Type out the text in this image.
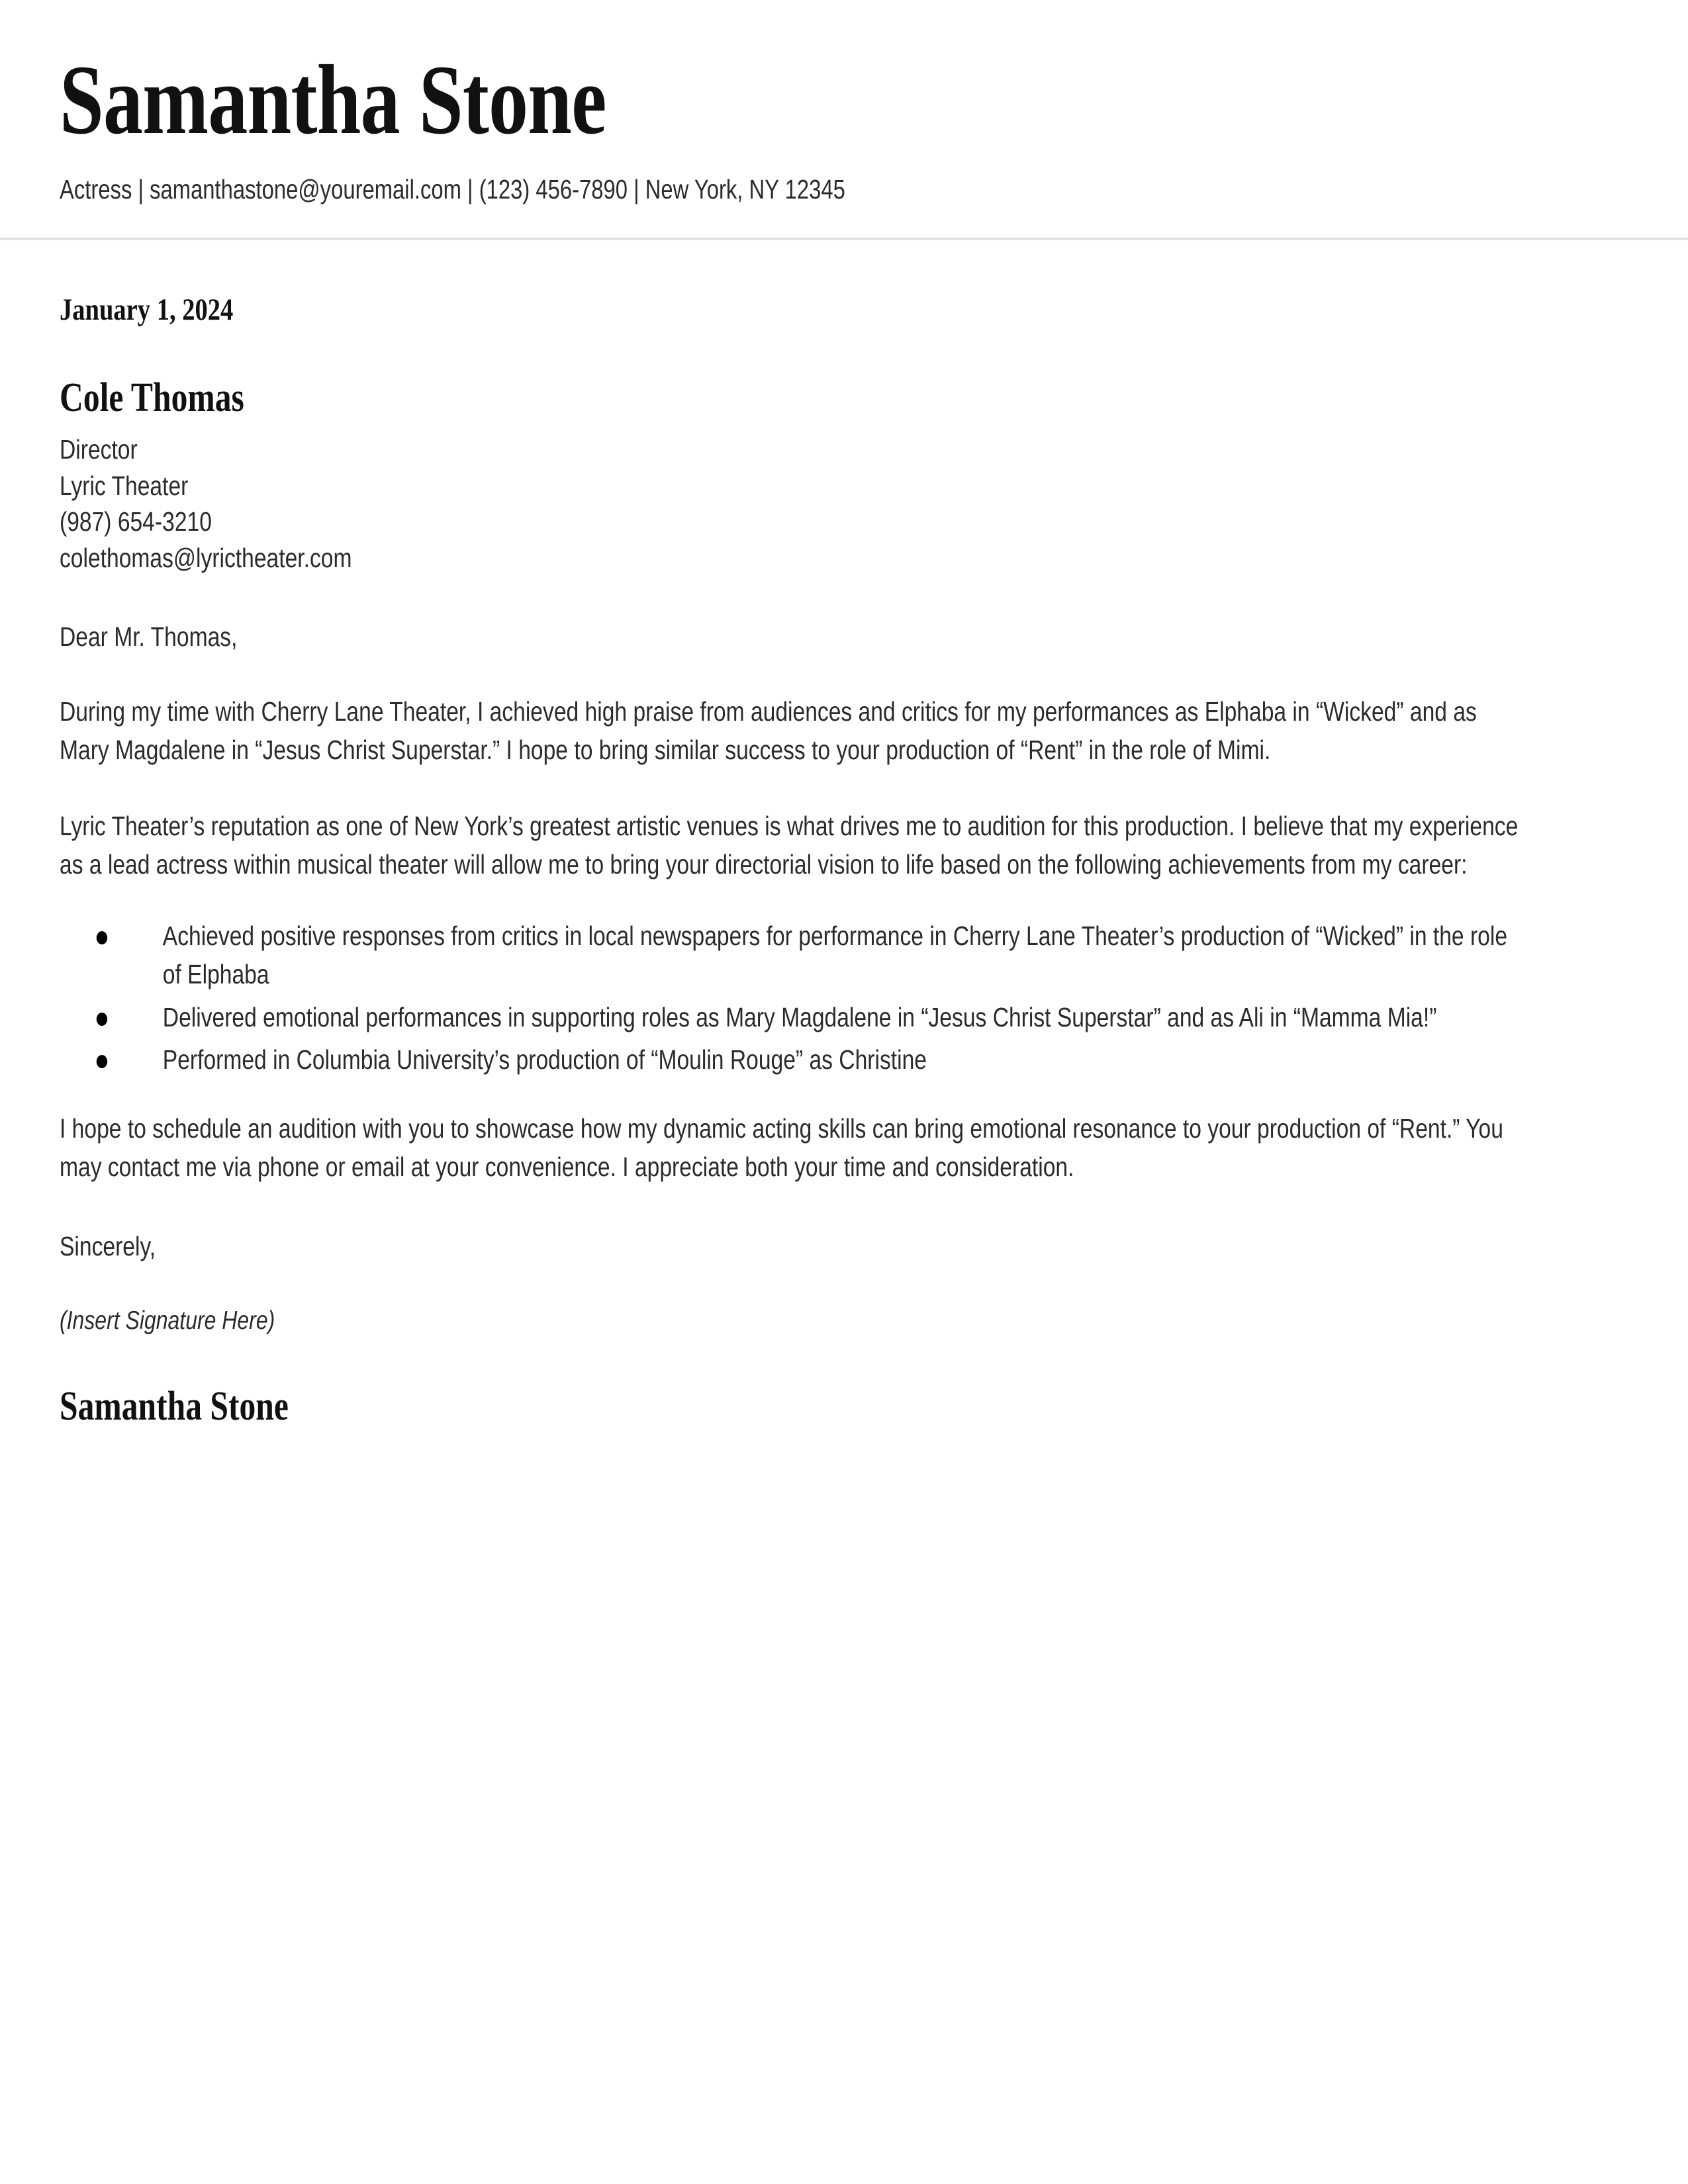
Samantha Stone
Actress | samanthastone@youremail.com | (123) 456-7890 | New York, NY 12345
January 1, 2024
Cole Thomas
Director
Lyric Theater
(987) 654-3210
colethomas@lyrictheater.com
Dear Mr. Thomas,

During my time with Cherry Lane Theater, I achieved high praise from audiences and critics for my performances as Elphaba in “Wicked” and as Mary Magdalene in “Jesus Christ Superstar.” I hope to bring similar success to your production of “Rent” in the role of Mimi.

Lyric Theater’s reputation as one of New York’s greatest artistic venues is what drives me to audition for this production. I believe that my experience as a lead actress within musical theater will allow me to bring your directorial vision to life based on the following achievements from my career:

Achieved positive responses from critics in local newspapers for performance in Cherry Lane Theater’s production of “Wicked” in the role of Elphaba
Delivered emotional performances in supporting roles as Mary Magdalene in “Jesus Christ Superstar” and as Ali in “Mamma Mia!”
Performed in Columbia University’s production of “Moulin Rouge” as Christine

I hope to schedule an audition with you to showcase how my dynamic acting skills can bring emotional resonance to your production of “Rent.” You may contact me via phone or email at your convenience. I appreciate both your time and consideration.

Sincerely,
(Insert Signature Here)
Samantha Stone
